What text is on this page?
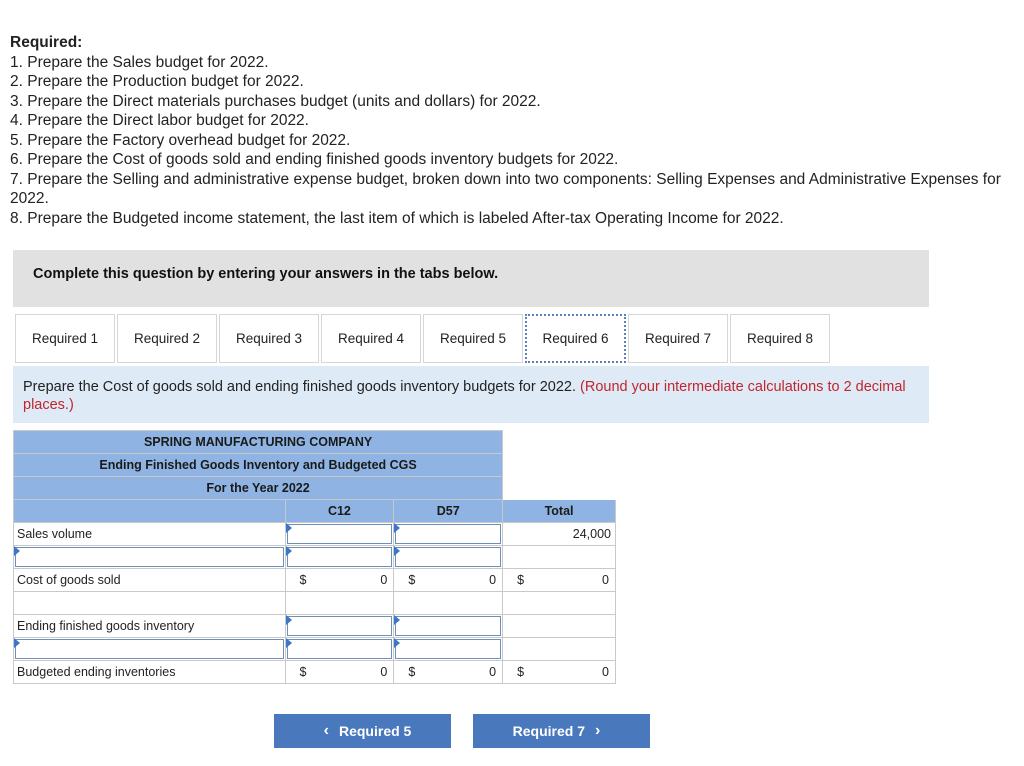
Required:
1. Prepare the Sales budget for 2022.
2. Prepare the Production budget for 2022.
3. Prepare the Direct materials purchases budget (units and dollars) for 2022.
4. Prepare the Direct labor budget for 2022.
5. Prepare the Factory overhead budget for 2022.
6. Prepare the Cost of goods sold and ending finished goods inventory budgets for 2022.
7. Prepare the Selling and administrative expense budget, broken down into two components: Selling Expenses and Administrative Expenses for 2022.
8. Prepare the Budgeted income statement, the last item of which is labeled After-tax Operating Income for 2022.
Complete this question by entering your answers in the tabs below.
Required 1	Required 2	Required 3	Required 4	Required 5	Required 6	Required 7	Required 8
Prepare the Cost of goods sold and ending finished goods inventory budgets for 2022. (Round your intermediate calculations to 2 decimal places.)
SPRING MANUFACTURING COMPANY			
Ending Finished Goods Inventory and Budgeted CGS			
For the Year 2022			
	C12	D57	Total
Sales volume			24,000

Cost of goods sold	$ 0	$ 0	$ 0

Ending finished goods inventory	

Budgeted ending inventories	$ 0	$ 0	$ 0
‹ Required 5	Required 7 ›
